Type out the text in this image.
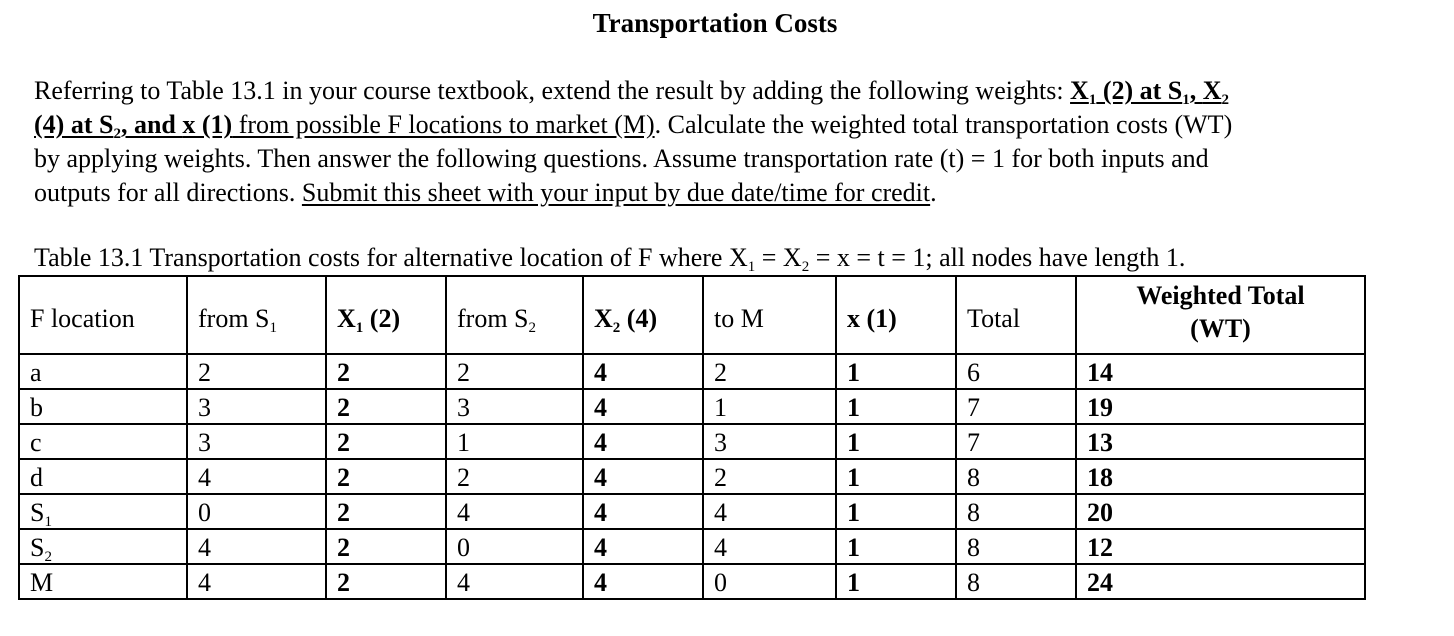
Transportation Costs
Referring to Table 13.1 in your course textbook, extend the result by adding the following weights: $X_1$ (2) at $S_1$, $X_2$
(4) at $S_2$, and x (1) from possible F locations to market (M). Calculate the weighted total transportation costs (WT)
by applying weights. Then answer the following questions. Assume transportation rate (t) = 1 for both inputs and
outputs for all directions. Submit this sheet with your input by due date/time for credit.
Table 13.1 Transportation costs for alternative location of F where $X_1 = X_2 = x = t = 1$; all nodes have length 1.
F location	from $S_1$	$X_1$ (2)	from $S_2$	$X_2$ (4)	to M	x (1)	Total	Weighted Total
(WT)
a	2	2	2	4	2	1	6	14
b	3	2	3	4	1	1	7	19
c	3	2	1	4	3	1	7	13
d	4	2	2	4	2	1	8	18
$S_1$	0	2	4	4	4	1	8	20
$S_2$	4	2	0	4	4	1	8	12
M	4	2	4	4	0	1	8	24
